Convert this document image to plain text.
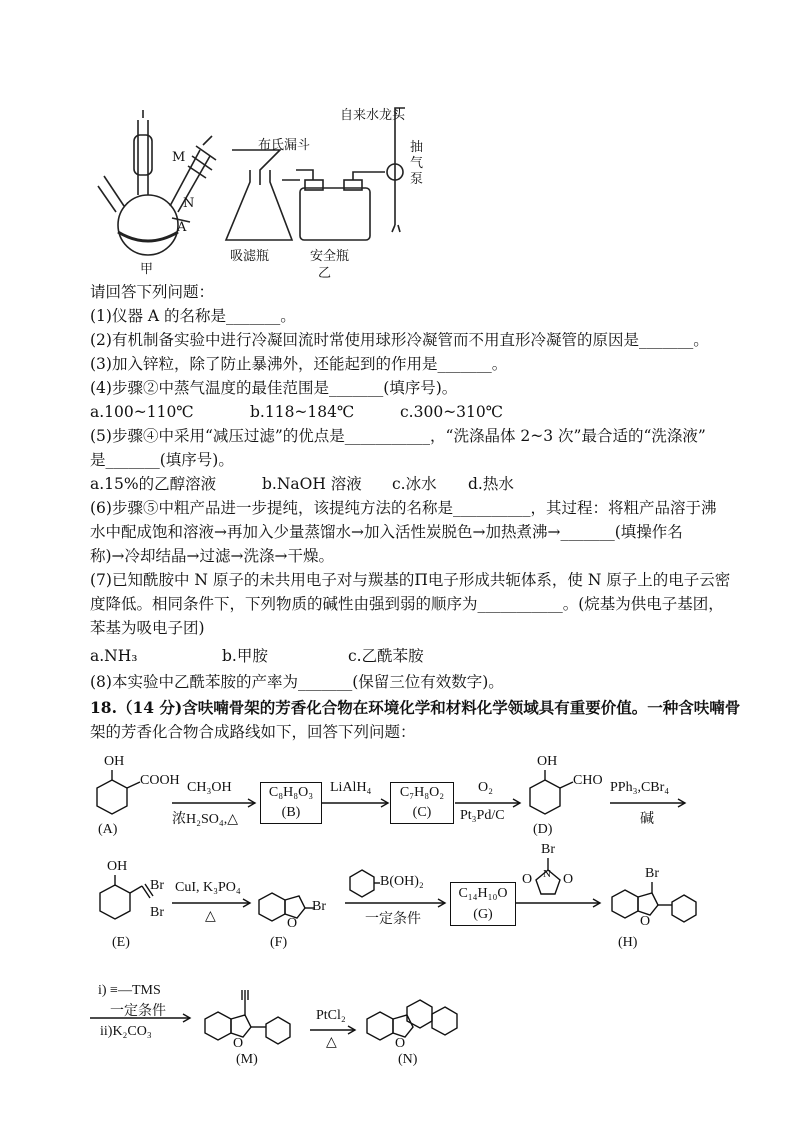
自来水龙头
布氏漏斗
M
N
A
抽气泵
吸滤瓶	安全瓶
甲	乙
请回答下列问题：
(1)仪器 A 的名称是_______。
(2)有机制备实验中进行冷凝回流时常使用球形冷凝管而不用直形冷凝管的原因是_______。
(3)加入锌粒，除了防止暴沸外，还能起到的作用是_______。
(4)步骤②中蒸气温度的最佳范围是_______(填序号)。
a.100~110℃	b.118~184℃	c.300~310℃
(5)步骤④中采用“减压过滤”的优点是___________，“洗涤晶体 2~3 次”最合适的“洗涤液”
是_______(填序号)。
a.15%的乙醇溶液	b.NaOH 溶液 c.冰水 d.热水
(6)步骤⑤中粗产品进一步提纯，该提纯方法的名称是__________，其过程：将粗产品溶于沸
水中配成饱和溶液→再加入少量蒸馏水→加入活性炭脱色→加热煮沸→_______(填操作名
称)→冷却结晶→过滤→洗涤→干燥。
(7)已知酰胺中 N 原子的未共用电子对与羰基的Π电子形成共轭体系，使 N 原子上的电子云密
度降低。相同条件下，下列物质的碱性由强到弱的顺序为___________。(烷基为供电子基团，
苯基为吸电子团)
a.NH₃	b.甲胺	c.乙酰苯胺
(8)本实验中乙酰苯胺的产率为_______(保留三位有效数字)。
18.（14 分)含呋喃骨架的芳香化合物在环境化学和材料化学领域具有重要价值。一种含呋喃骨
架的芳香化合物合成路线如下，回答下列问题：
OH
COOH
(A)
CH₃OH
浓H₂SO₄,△
C₈H₈O₃
(B)
LiAlH₄	C₇H₈O₂
(C)
O₂
Pt₃Pd/C
OH
CHO
(D)
PPh₃,CBr₄
碱
OH
Br
Br
(E)
CuI, K₃PO₄
△
Br
O
(F)
B(OH)₂
一定条件
C₁₄H₁₀O
(G)
Br
N
O O	Br
O
(H)
i) ≡—TMS
一定条件
ii)K₂CO₃
O
(M)
PtCl₂
△	O
(N)
